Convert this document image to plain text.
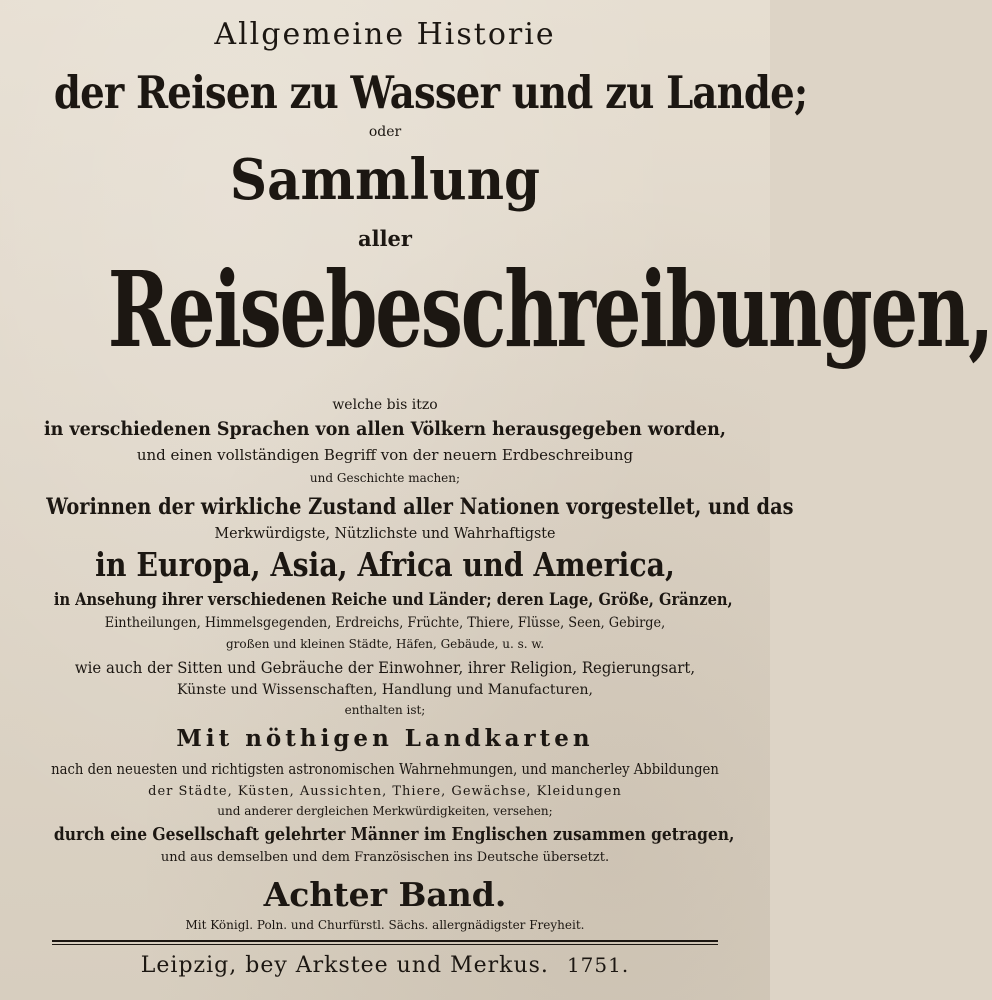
Allgemeine Historie
der Reisen zu Wasser und zu Lande;
oder
Sammlung
aller
Reisebeschreibungen,
welche bis itzo
in verschiedenen Sprachen von allen Völkern herausgegeben worden,
und einen vollständigen Begriff von der neuern Erdbeschreibung
und Geschichte machen;
Worinnen der wirkliche Zustand aller Nationen vorgestellet, und das
Merkwürdigste, Nützlichste und Wahrhaftigste
in Europa, Asia, Africa und America,
in Ansehung ihrer verschiedenen Reiche und Länder; deren Lage, Größe, Gränzen,
Eintheilungen, Himmelsgegenden, Erdreichs, Früchte, Thiere, Flüsse, Seen, Gebirge,
großen und kleinen Städte, Häfen, Gebäude, u. s. w.
wie auch der Sitten und Gebräuche der Einwohner, ihrer Religion, Regierungsart,
Künste und Wissenschaften, Handlung und Manufacturen,
enthalten ist;
Mit nöthigen Landkarten
nach den neuesten und richtigsten astronomischen Wahrnehmungen, und mancherley Abbildungen
der Städte, Küsten, Aussichten, Thiere, Gewächse, Kleidungen
und anderer dergleichen Merkwürdigkeiten, versehen;
durch eine Gesellschaft gelehrter Männer im Englischen zusammen getragen,
und aus demselben und dem Französischen ins Deutsche übersetzt.
Achter Band.
Mit Königl. Poln. und Churfürstl. Sächs. allergnädigster Freyheit.
Leipzig, bey Arkstee und Merkus. 1751.
